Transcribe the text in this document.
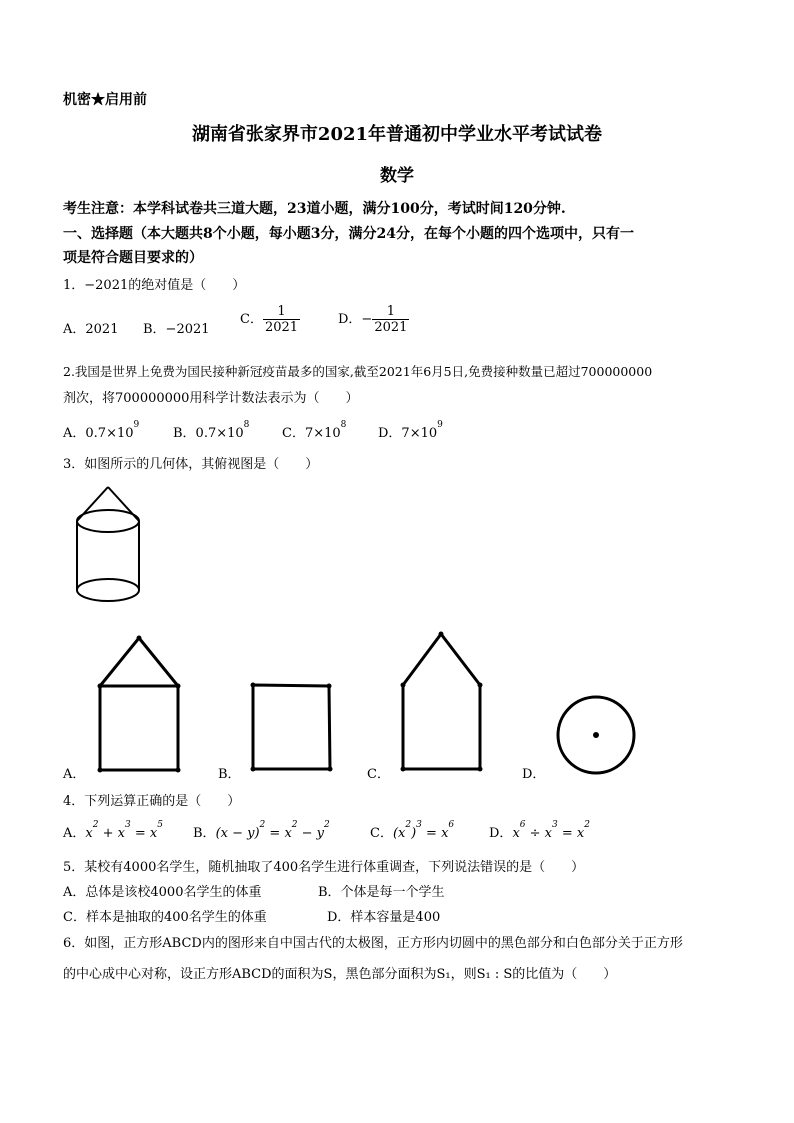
机密★启用前
湖南省张家界市2021年普通初中学业水平考试试卷
数学
考生注意：本学科试卷共三道大题，23道小题，满分100分，考试时间120分钟.
一、选择题（本大题共8个小题，每小题3分，满分24分，在每个小题的四个选项中，只有一
项是符合题目要求的）
1．−2021的绝对值是（　　）
A．2021 B．−2021
C． $\frac{1}{2021}$	D．− $\frac{1}{2021}$
2.我国是世界上免费为国民接种新冠疫苗最多的国家,截至2021年6月5日,免费接种数量已超过700000000
剂次，将700000000用科学计数法表示为（　　）
A．$0.7\times 10^9$
B．$0.7\times 10^8$
C．$7\times 10^8$
D．$7\times 10^9$
3．如图所示的几何体，其俯视图是（　　）
A．	B．	C．	D．
4．下列运算正确的是（　　）
A．$x^2 + x^3 = x^5$
B．$(x - y)^2 = x^2 - y^2$
C．$(x^2)^3 = x^6$
D．$x^6 \div x^3 = x^2$
5．某校有4000名学生，随机抽取了400名学生进行体重调查，下列说法错误的是（　　）
A．总体是该校4000名学生的体重	B．个体是每一个学生
C．样本是抽取的400名学生的体重	D．样本容量是400
6．如图，正方形ABCD内的图形来自中国古代的太极图，正方形内切圆中的黑色部分和白色部分关于正方形
的中心成中心对称，设正方形ABCD的面积为S，黑色部分面积为S₁，则S₁ : S的比值为（　　）
